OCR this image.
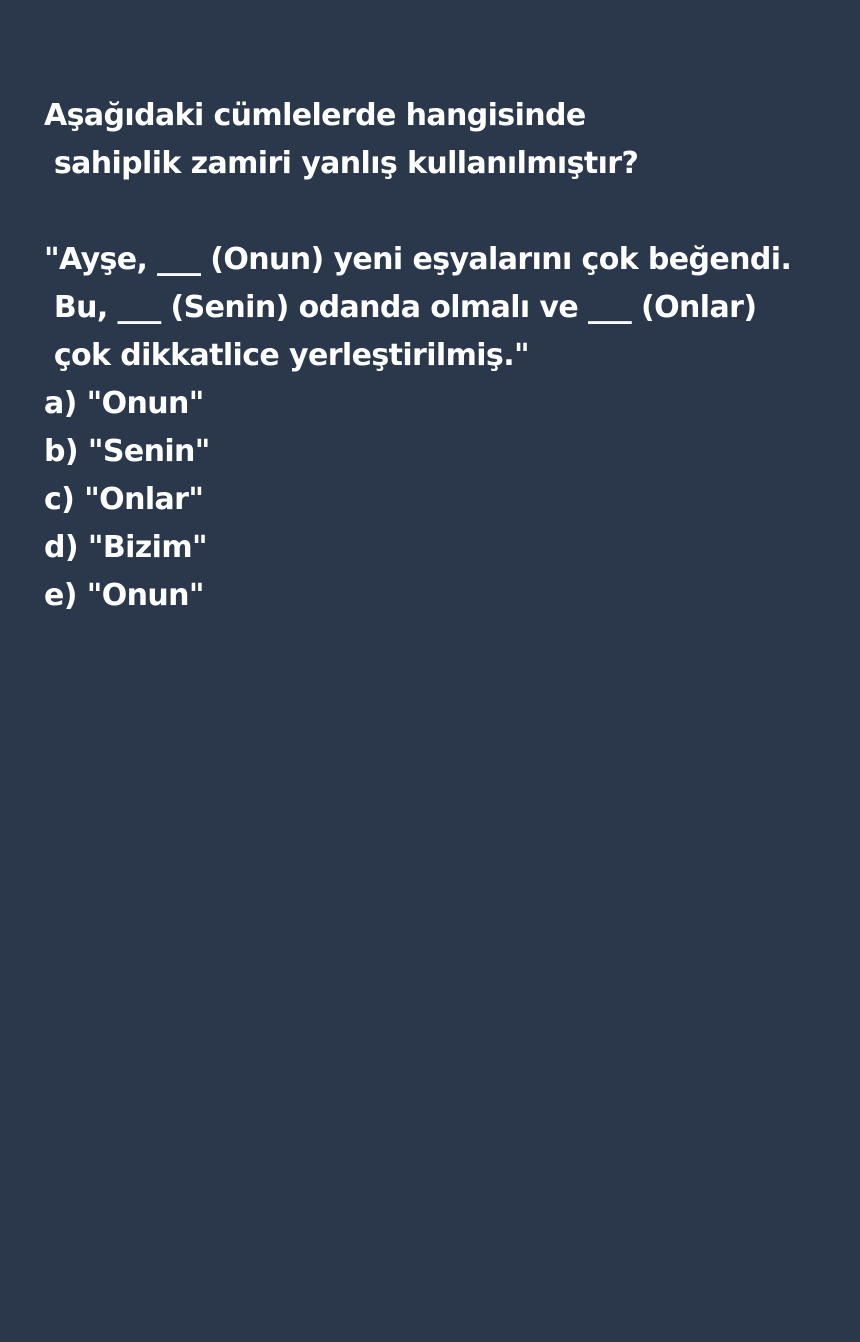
Aşağıdaki cümlelerde hangisinde
sahiplik zamiri yanlış kullanılmıştır?
"Ayşe, ___ (Onun) yeni eşyalarını çok beğendi.
Bu, ___ (Senin) odanda olmalı ve ___ (Onlar)
çok dikkatlice yerleştirilmiş."
a) "Onun"
b) "Senin"
c) "Onlar"
d) "Bizim"
e) "Onun"
